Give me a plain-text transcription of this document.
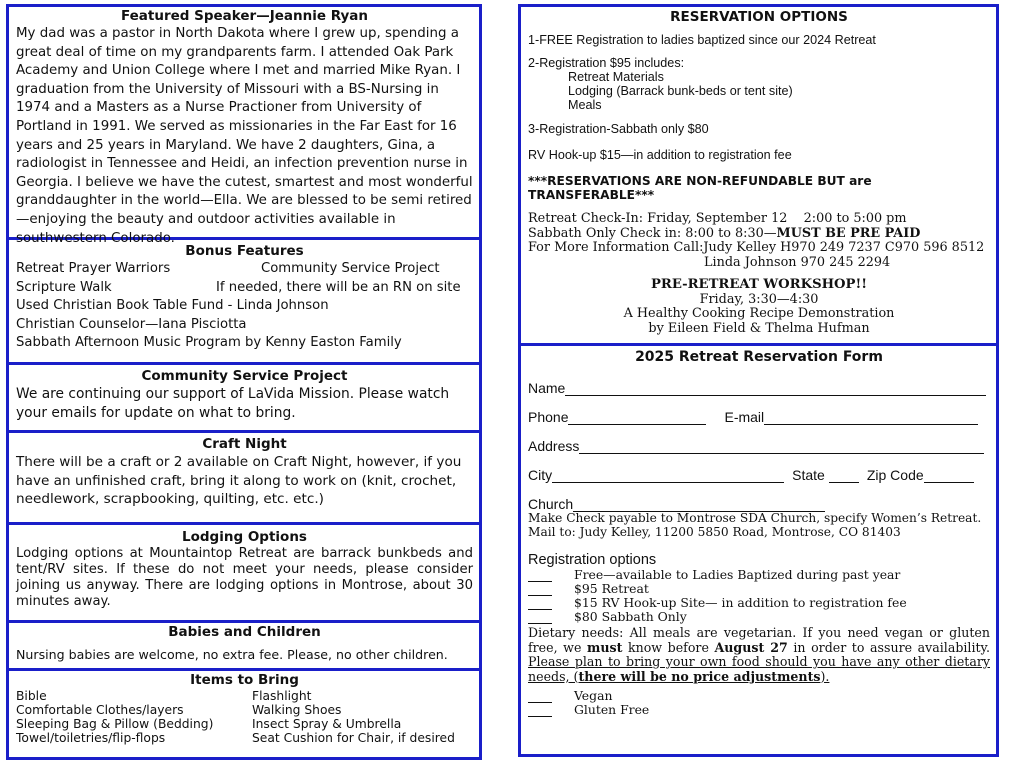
Featured Speaker—Jeannie Ryan

My dad was a pastor in North Dakota where I grew up, spending a great deal of time on my grandparents farm. I attended Oak Park Academy and Union College where I met and married Mike Ryan. I graduation from the University of Missouri with a BS-Nursing in 1974 and a Masters as a Nurse Practioner from University of Portland in 1991. We served as missionaries in the Far East for 16 years and 25 years in Maryland. We have 2 daughters, Gina, a radiologist in Tennessee and Heidi, an infection prevention nurse in Georgia. I believe we have the cutest, smartest and most wonderful granddaughter in the world—Ella. We are blessed to be semi retired —enjoying the beauty and outdoor activities available in southwestern Colorado.

Bonus Features
Retreat Prayer Warriors	Community Service Project
Scripture Walk	If needed, there will be an RN on site

Used Christian Book Table Fund - Linda Johnson

Christian Counselor—Iana Pisciotta

Sabbath Afternoon Music Program by Kenny Easton Family

Community Service Project

We are continuing our support of LaVida Mission. Please watch your emails for update on what to bring.

Craft Night

There will be a craft or 2 available on Craft Night, however, if you have an unfinished craft, bring it along to work on (knit, crochet, needlework, scrapbooking, quilting, etc. etc.)

Lodging Options

Lodging options at Mountaintop Retreat are barrack bunkbeds and tent/RV sites. If these do not meet your needs, please consider joining us anyway. There are lodging options in Montrose, about 30 minutes away.

Babies and Children

Nursing babies are welcome, no extra fee. Please, no other children.

Items to Bring
Bible	Flashlight
Comfortable Clothes/layers	Walking Shoes
Sleeping Bag & Pillow (Bedding)	Insect Spray & Umbrella
Towel/toiletries/flip-flops	Seat Cushion for Chair, if desired
RESERVATION OPTIONS

1-FREE Registration to ladies baptized since our 2024 Retreat

2-Registration $95 includes:

Retreat Materials
Lodging (Barrack bunk-beds or tent site)
Meals

3-Registration-Sabbath only $80

RV Hook-up $15—in addition to registration fee

***RESERVATIONS ARE NON-REFUNDABLE BUT are TRANSFERABLE***

Retreat Check-In: Friday, September 12    2:00 to 5:00 pm
Sabbath Only Check in: 8:00 to 8:30—MUST BE PRE PAID
For More Information Call:Judy Kelley H970 249 7237 C970 596 8512
Linda Johnson 970 245 2294
PRE-RETREAT WORKSHOP!!
Friday, 3:30—4:30
A Healthy Cooking Recipe Demonstration
by Eileen Field & Thelma Hufman
2025 Retreat Reservation Form
Name
Phone	E-mail
Address
City	State	Zip Code
Church
Make Check payable to Montrose SDA Church, specify Women’s Retreat.
Mail to: Judy Kelley, 11200 5850 Road, Montrose, CO 81403
Registration options
Free—available to Ladies Baptized during past year
$95 Retreat
$15 RV Hook-up Site— in addition to registration fee
$80 Sabbath Only

Dietary needs: All meals are vegetarian. If you need vegan or gluten free, we must know before August 27 in order to assure availability. Please plan to bring your own food should you have any other dietary needs, (there will be no price adjustments).

Vegan
Gluten Free
